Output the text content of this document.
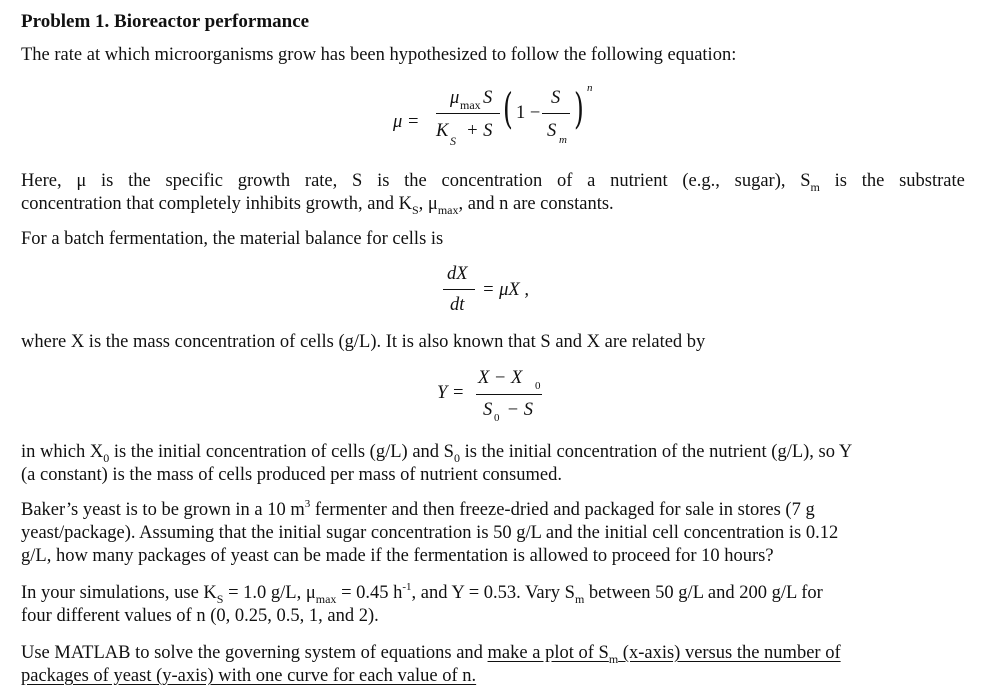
Problem 1. Bioreactor performance
The rate at which microorganisms grow has been hypothesized to follow the following equation:
μ =
μ max S
K S + S ( 1 −
S
S m
) n
Here, μ is the specific growth rate, S is the concentration of a nutrient (e.g., sugar), $S_m$ is the substrate
concentration that completely inhibits growth, and $K_S$, $\mu_{max}$, and n are constants.
For a batch fermentation, the material balance for cells is
dX
dt
= μX ,
where X is the mass concentration of cells (g/L). It is also known that S and X are related by
Y =
X − X 0
S 0 − S
in which $X_0$ is the initial concentration of cells (g/L) and $S_0$ is the initial concentration of the nutrient (g/L), so Y
(a constant) is the mass of cells produced per mass of nutrient consumed.
Baker’s yeast is to be grown in a 10 $m^3$ fermenter and then freeze-dried and packaged for sale in stores (7 g
yeast/package). Assuming that the initial sugar concentration is 50 g/L and the initial cell concentration is 0.12
g/L, how many packages of yeast can be made if the fermentation is allowed to proceed for 10 hours?
In your simulations, use $K_S = 1.0$ g/L, $\mu_{max} = 0.45$ $h^{-1}$, and Y = 0.53. Vary $S_m$ between 50 g/L and 200 g/L for
four different values of n (0, 0.25, 0.5, 1, and 2).
Use MATLAB to solve the governing system of equations and make a plot of $S_m$ (x-axis) versus the number of
packages of yeast (y-axis) with one curve for each value of n.
